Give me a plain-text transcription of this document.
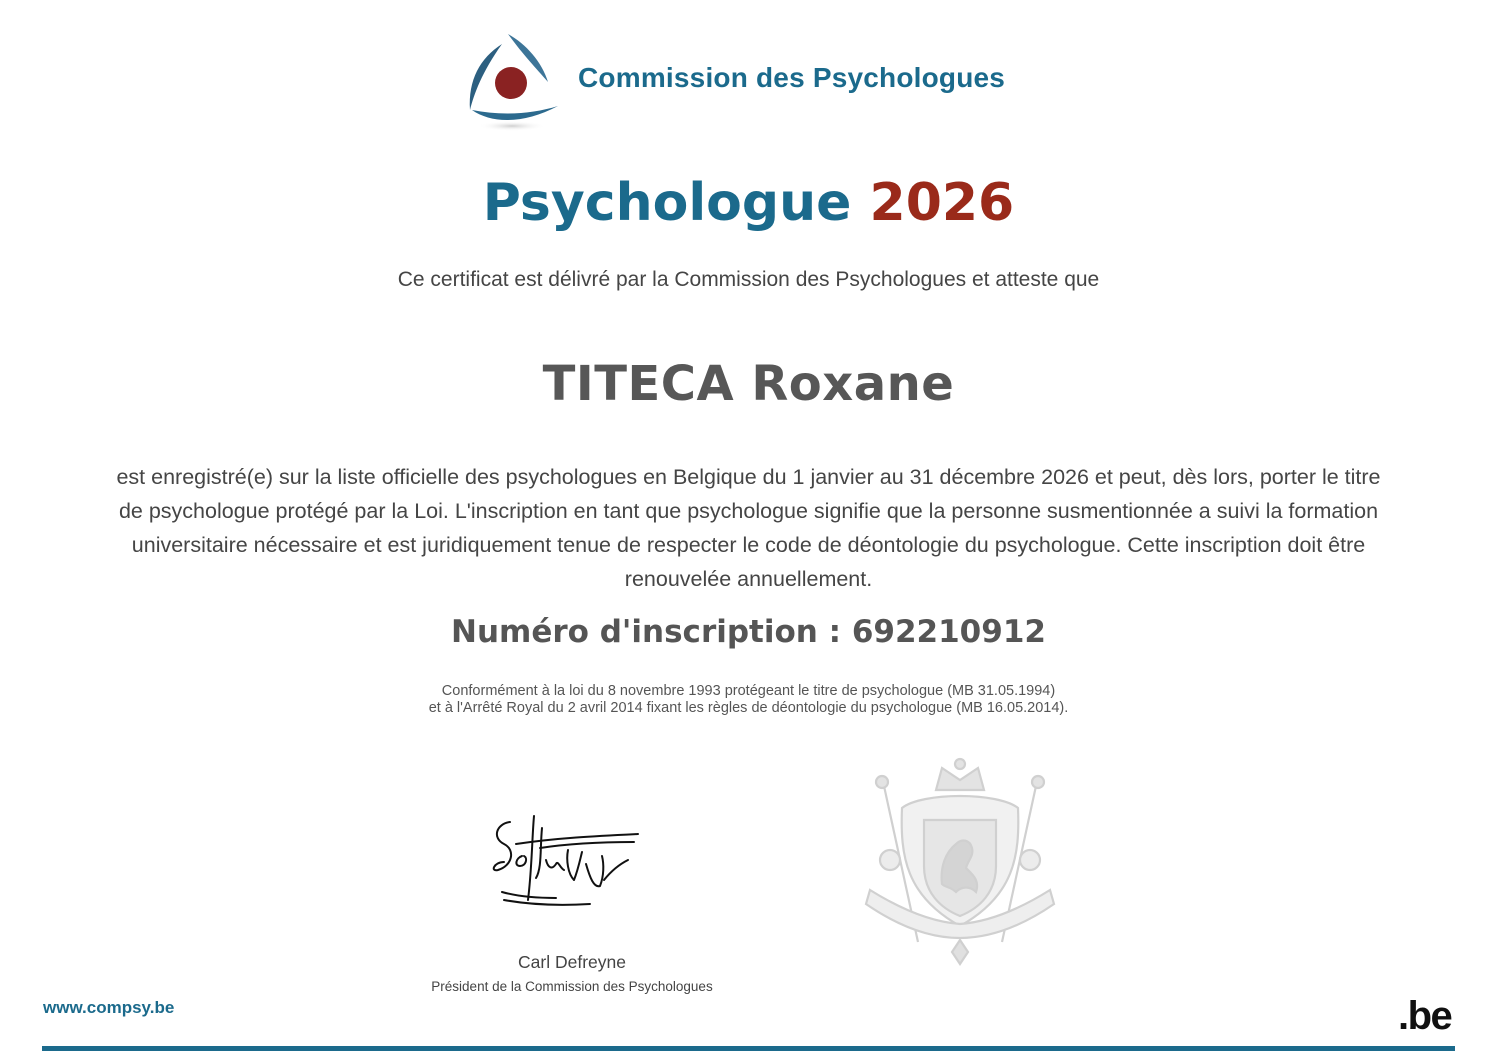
Commission des Psychologues
Psychologue 2026
Ce certificat est délivré par la Commission des Psychologues et atteste que
TITECA Roxane
est enregistré(e) sur la liste officielle des psychologues en Belgique du 1 janvier au 31 décembre 2026 et peut, dès lors, porter le titre
de psychologue protégé par la Loi. L'inscription en tant que psychologue signifie que la personne susmentionnée a suivi la formation
universitaire nécessaire et est juridiquement tenue de respecter le code de déontologie du psychologue. Cette inscription doit être
renouvelée annuellement.
Numéro d'inscription : 692210912
Conformément à la loi du 8 novembre 1993 protégeant le titre de psychologue (MB 31.05.1994)
et à l'Arrêté Royal du 2 avril 2014 fixant les règles de déontologie du psychologue (MB 16.05.2014).
Carl Defreyne
Président de la Commission des Psychologues
www.compsy.be	.be
